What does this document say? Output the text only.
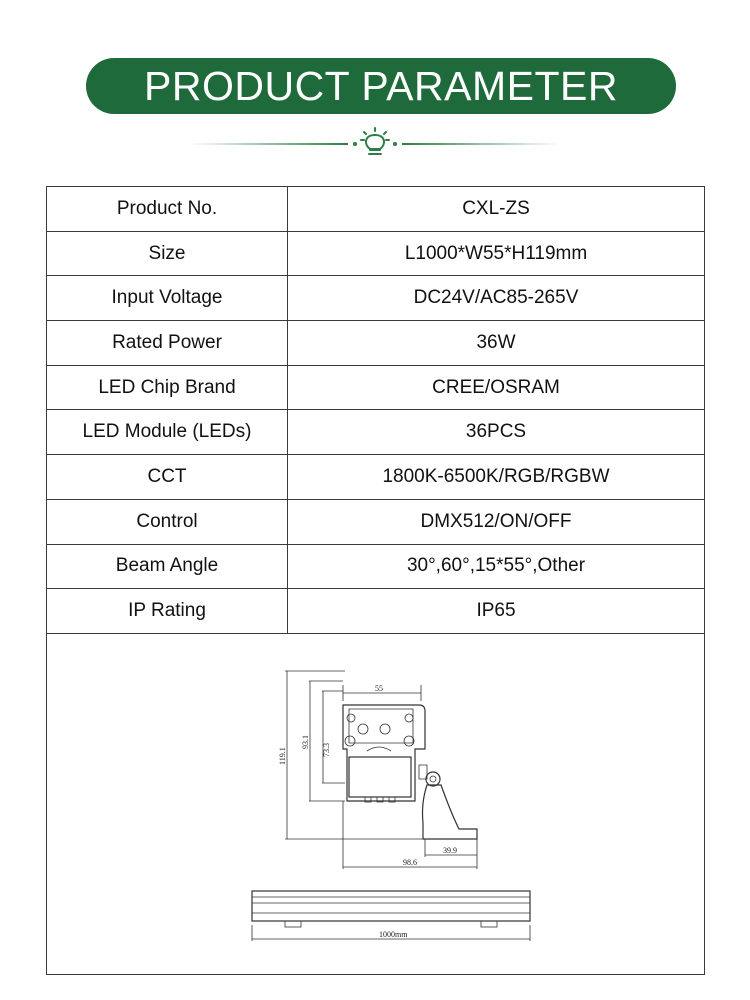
PRODUCT PARAMETER
Product No.	CXL-ZS
Size	L1000*W55*H119mm
Input Voltage	DC24V/AC85-265V
Rated Power	36W
LED Chip Brand	CREE/OSRAM
LED Module (LEDs)	36PCS
CCT	1800K-6500K/RGB/RGBW
Control	DMX512/ON/OFF
Beam Angle	30°,60°,15*55°,Other
IP Rating	IP65
55
119.1
93.1
73.3
39.9
98.6
1000mm
